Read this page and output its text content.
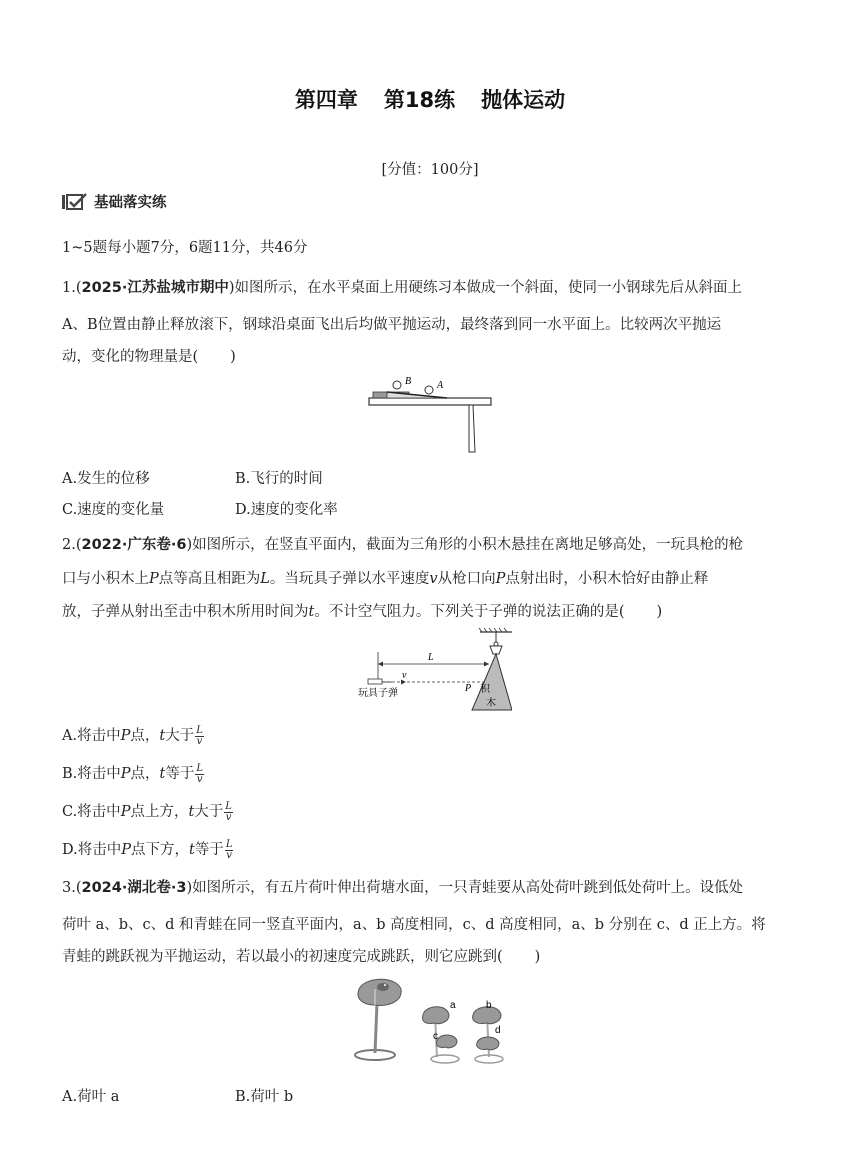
第四章 第18练 抛体运动
[分值：100分]
基础落实练
1~5题每小题7分，6题11分，共46分
1.(2025·江苏盐城市期中)如图所示，在水平桌面上用硬练习本做成一个斜面，使同一小钢球先后从斜面上
A、B位置由静止释放滚下，钢球沿桌面飞出后均做平抛运动，最终落到同一水平面上。比较两次平抛运
动，变化的物理量是( )
B	A
A.发生的位移	B.飞行的时间
C.速度的变化量	D.速度的变化率
2.(2022·广东卷·6)如图所示，在竖直平面内，截面为三角形的小积木悬挂在离地足够高处，一玩具枪的枪
口与小积木上P点等高且相距为L。当玩具子弹以水平速度v从枪口向P点射出时，小积木恰好由静止释
放，子弹从射出至击中积木所用时间为t。不计空气阻力。下列关于子弹的说法正确的是( )
L
v
P 积
木
玩具子弹
A.将击中P点，t大于 $\frac{L}{v}$
B.将击中P点，t等于 $\frac{L}{v}$
C.将击中P点上方，t大于 $\frac{L}{v}$
D.将击中P点下方，t等于 $\frac{L}{v}$
3.(2024·湖北卷·3)如图所示，有五片荷叶伸出荷塘水面，一只青蛙要从高处荷叶跳到低处荷叶上。设低处
荷叶 a、b、c、d 和青蛙在同一竖直平面内，a、b 高度相同，c、d 高度相同，a、b 分别在 c、d 正上方。将
青蛙的跳跃视为平抛运动，若以最小的初速度完成跳跃，则它应跳到( )
a
c
b
d
A.荷叶 a	B.荷叶 b
